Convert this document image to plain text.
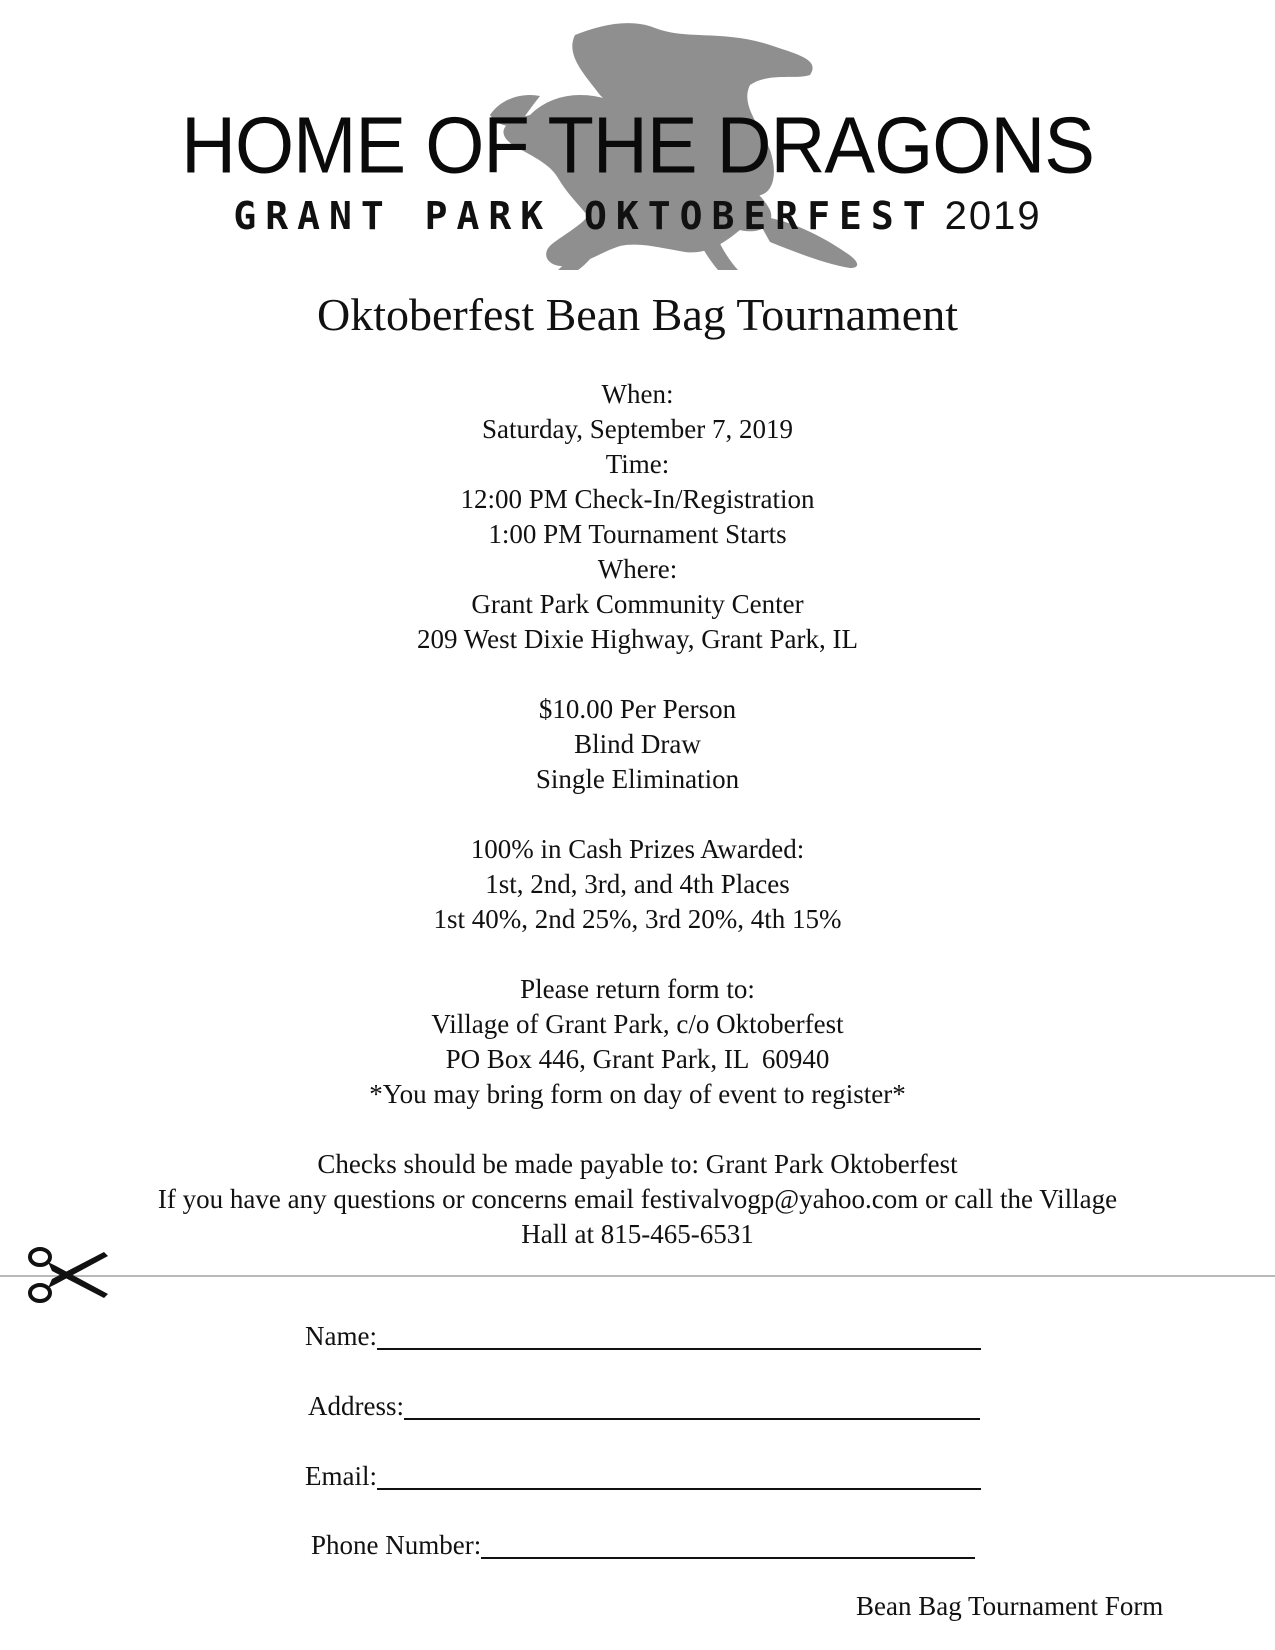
HOME OF THE DRAGONS
GRANT PARK OKTOBERFEST 2019
Oktoberfest Bean Bag Tournament
When:
Saturday, September 7, 2019
Time:
12:00 PM Check-In/Registration
1:00 PM Tournament Starts
Where:
Grant Park Community Center
209 West Dixie Highway, Grant Park, IL
$10.00 Per Person
Blind Draw
Single Elimination
100% in Cash Prizes Awarded:
1st, 2nd, 3rd, and 4th Places
1st 40%, 2nd 25%, 3rd 20%, 4th 15%
Please return form to:
Village of Grant Park, c/o Oktoberfest
PO Box 446, Grant Park, IL  60940
*You may bring form on day of event to register*
Checks should be made payable to: Grant Park Oktoberfest
If you have any questions or concerns email festivalvogp@yahoo.com or call the Village
Hall at 815-465-6531
Name:
Address:
Email:
Phone Number:
Bean Bag Tournament Form
